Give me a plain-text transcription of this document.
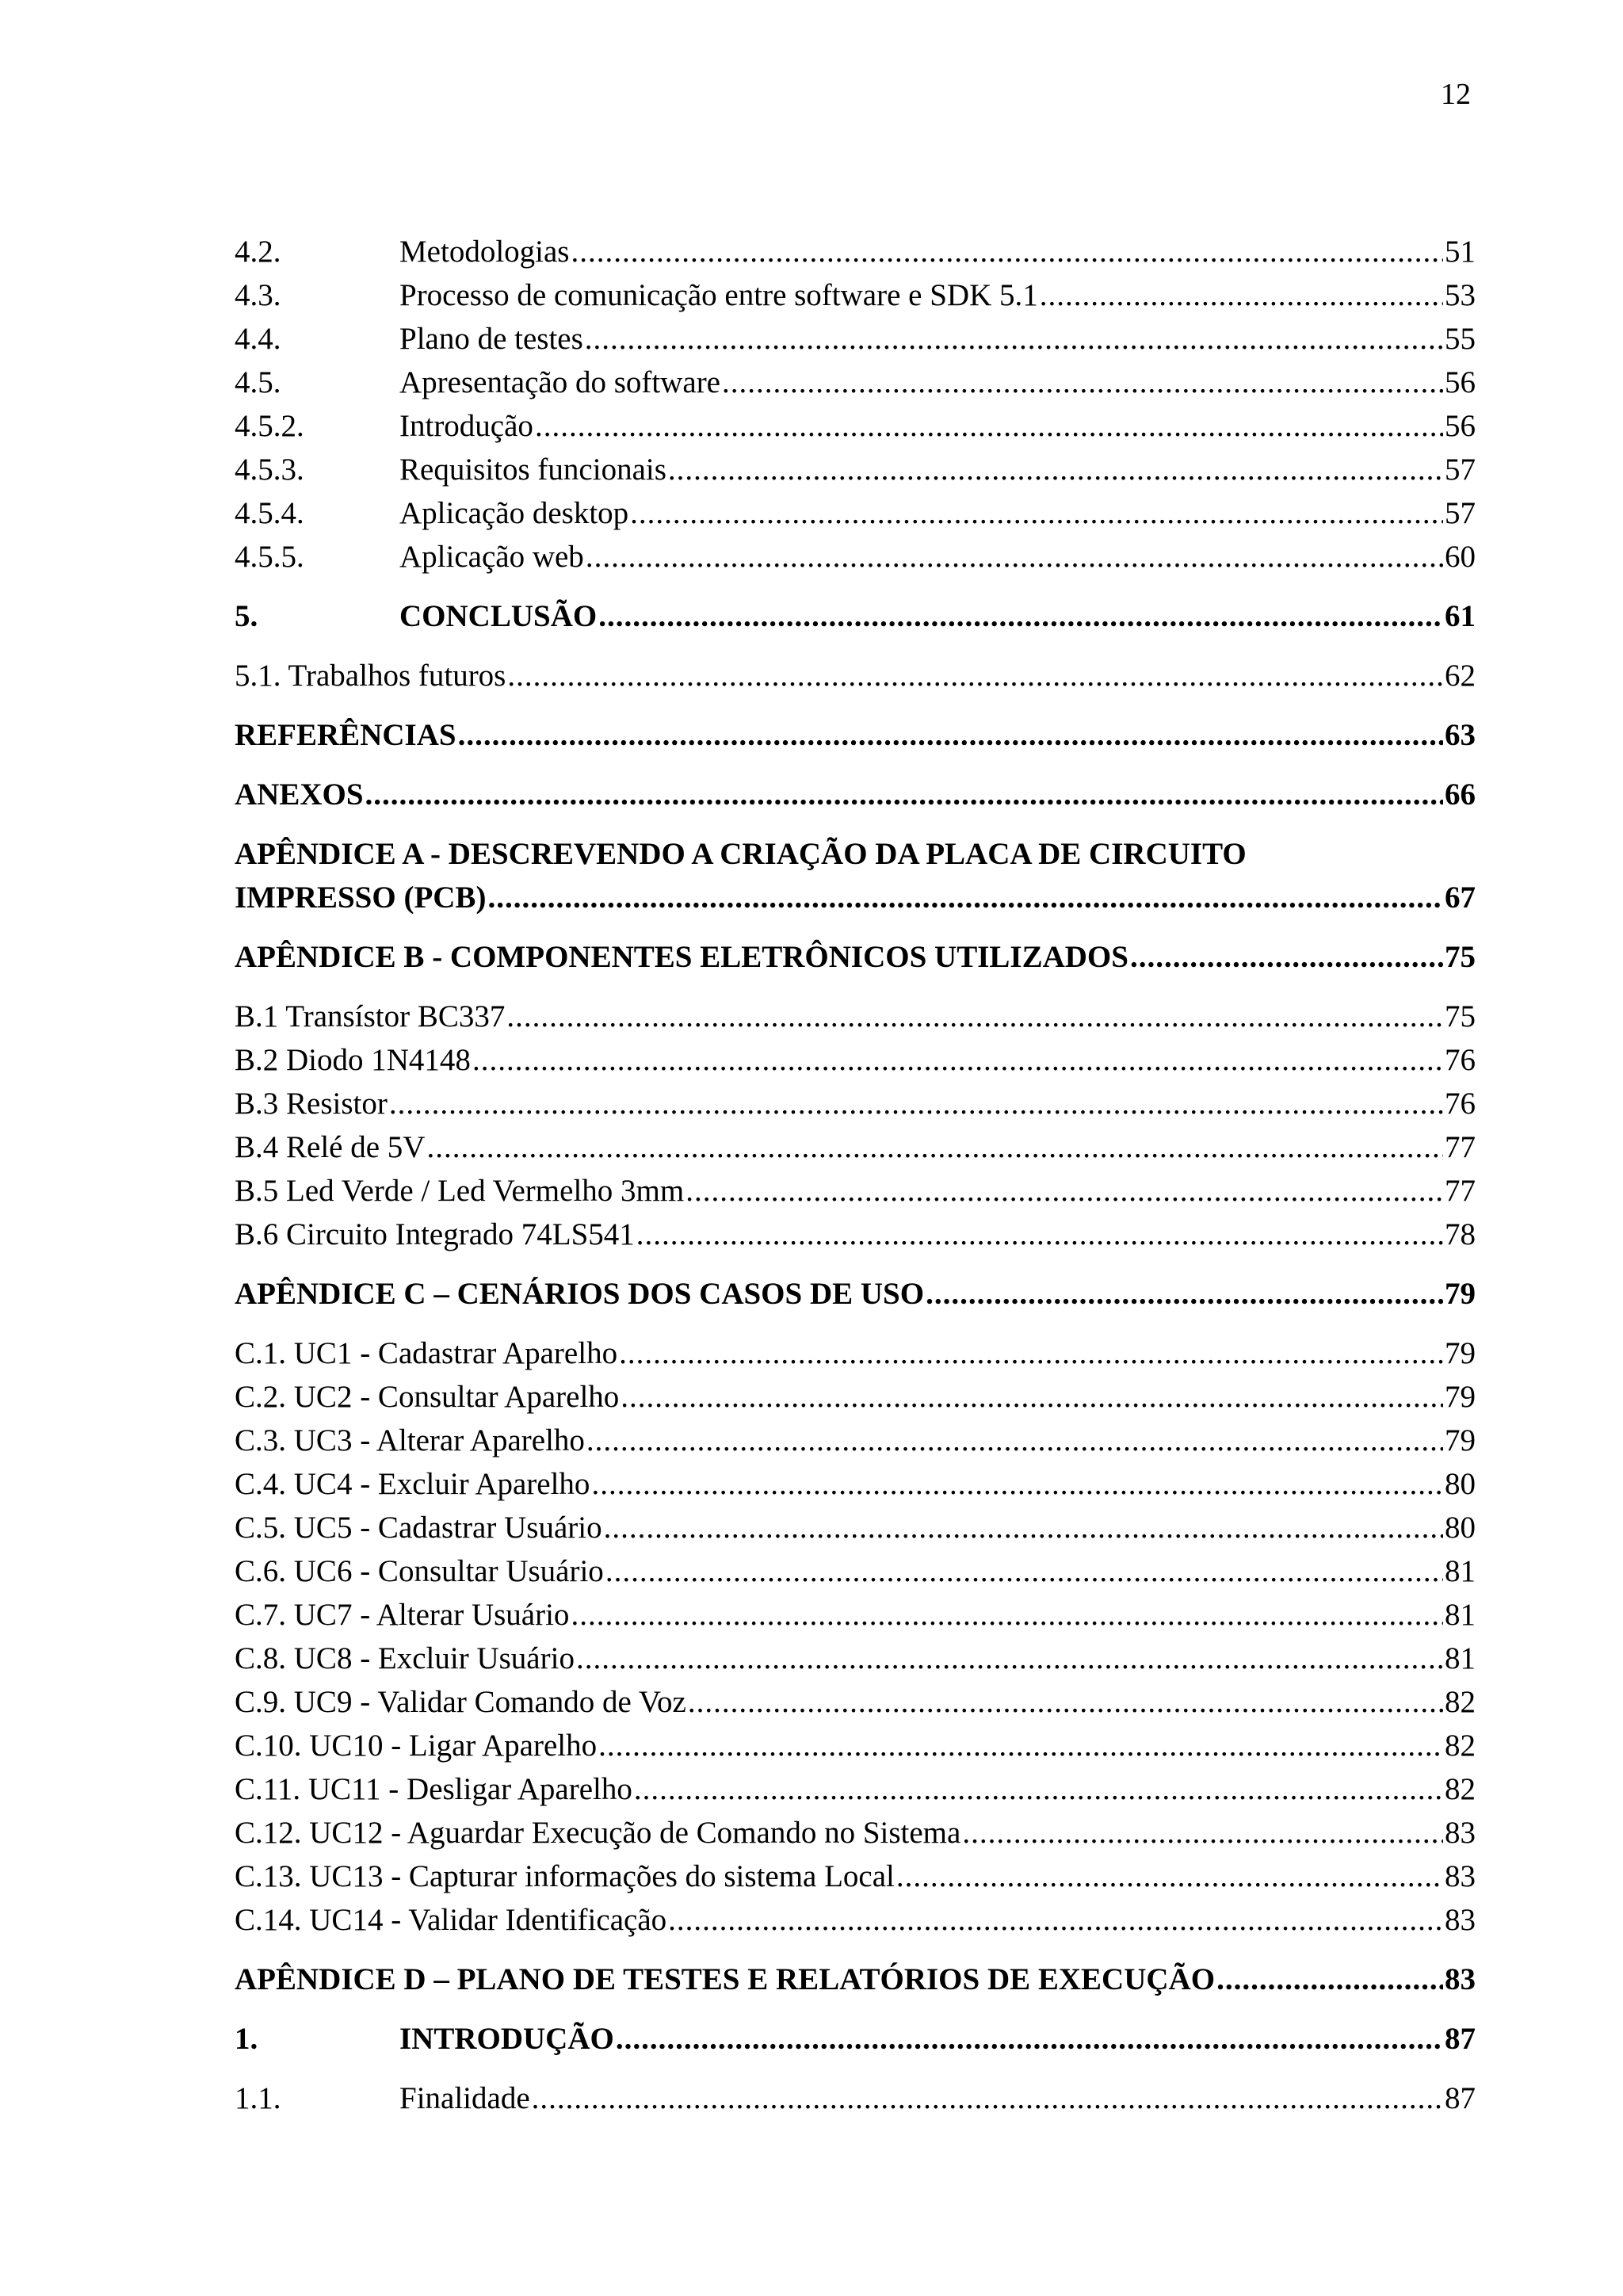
12
4.2.	Metodologias .....	51
4.3.	Processo de comunicação entre software e SDK 5.1 .....	53
4.4.	Plano de testes .....	55
4.5.	Apresentação do software .....	56
4.5.2.	Introdução .....	56
4.5.3.	Requisitos funcionais .....	57
4.5.4.	Aplicação desktop .....	57
4.5.5.	Aplicação web .....	60
5.	CONCLUSÃO .....	61
5.1. Trabalhos futuros .....	62
REFERÊNCIAS .....	63
ANEXOS .....	66
APÊNDICE A - DESCREVENDO A CRIAÇÃO DA PLACA DE CIRCUITO
IMPRESSO (PCB) .....	67
APÊNDICE B - COMPONENTES ELETRÔNICOS UTILIZADOS .....	75
B.1 Transístor BC337 .....	75
B.2 Diodo 1N4148 .....	76
B.3 Resistor .....	76
B.4 Relé de 5V .....	77
B.5 Led Verde / Led Vermelho 3mm .....	77
B.6 Circuito Integrado 74LS541 .....	78
APÊNDICE C – CENÁRIOS DOS CASOS DE USO .....	79
C.1. UC1 - Cadastrar Aparelho .....	79
C.2. UC2 - Consultar Aparelho .....	79
C.3. UC3 - Alterar Aparelho .....	79
C.4. UC4 - Excluir Aparelho .....	80
C.5. UC5 - Cadastrar Usuário .....	80
C.6. UC6 - Consultar Usuário .....	81
C.7. UC7 - Alterar Usuário .....	81
C.8. UC8 - Excluir Usuário .....	81
C.9. UC9 - Validar Comando de Voz .....	82
C.10. UC10 - Ligar Aparelho .....	82
C.11. UC11 - Desligar Aparelho .....	82
C.12. UC12 - Aguardar Execução de Comando no Sistema .....	83
C.13. UC13 - Capturar informações do sistema Local .....	83
C.14. UC14 - Validar Identificação .....	83
APÊNDICE D – PLANO DE TESTES E RELATÓRIOS DE EXECUÇÃO .....	83
1.	INTRODUÇÃO .....	87
1.1.	Finalidade .....	87
